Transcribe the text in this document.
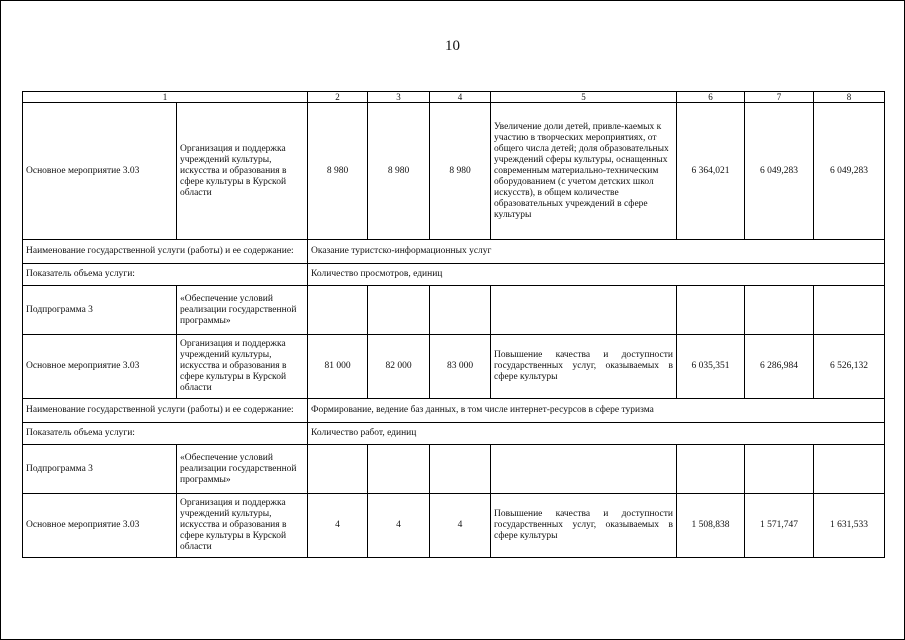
10
1		2	3	4	5	6	7	8
Основное мероприятие 3.03	Организация и поддержка учреждений культуры, искусства и образования в сфере культуры в Курской области	8 980	8 980	8 980	Увеличение доли детей, привле-каемых к участию в творческих мероприятиях, от общего числа детей; доля образовательных учреждений сферы культуры, оснащенных современным материально-техническим оборудованием (с учетом детских школ искусств), в общем количестве образовательных учреждений в сфере культуры	6 364,021	6 049,283	6 049,283
Наименование государственной услуги (работы) и ее содержание:		Оказание туристско-информационных услуг						
Показатель объема услуги:		Количество просмотров, единиц						
Подпрограмма 3	«Обеспечение условий реализации государственной программы»							
Основное мероприятие 3.03	Организация и поддержка учреждений культуры, искусства и образования в сфере культуры в Курской области	81 000	82 000	83 000	Повышение качества и доступности государственных услуг, оказываемых в сфере культуры	6 035,351	6 286,984	6 526,132
Наименование государственной услуги (работы) и ее содержание:		Формирование, ведение баз данных, в том числе интернет-ресурсов в сфере туризма						
Показатель объема услуги:		Количество работ, единиц						
Подпрограмма 3	«Обеспечение условий реализации государственной программы»							
Основное мероприятие 3.03	Организация и поддержка учреждений культуры, искусства и образования в сфере культуры в Курской области	4	4	4	Повышение качества и доступности государственных услуг, оказываемых в сфере культуры	1 508,838	1 571,747	1 631,533
